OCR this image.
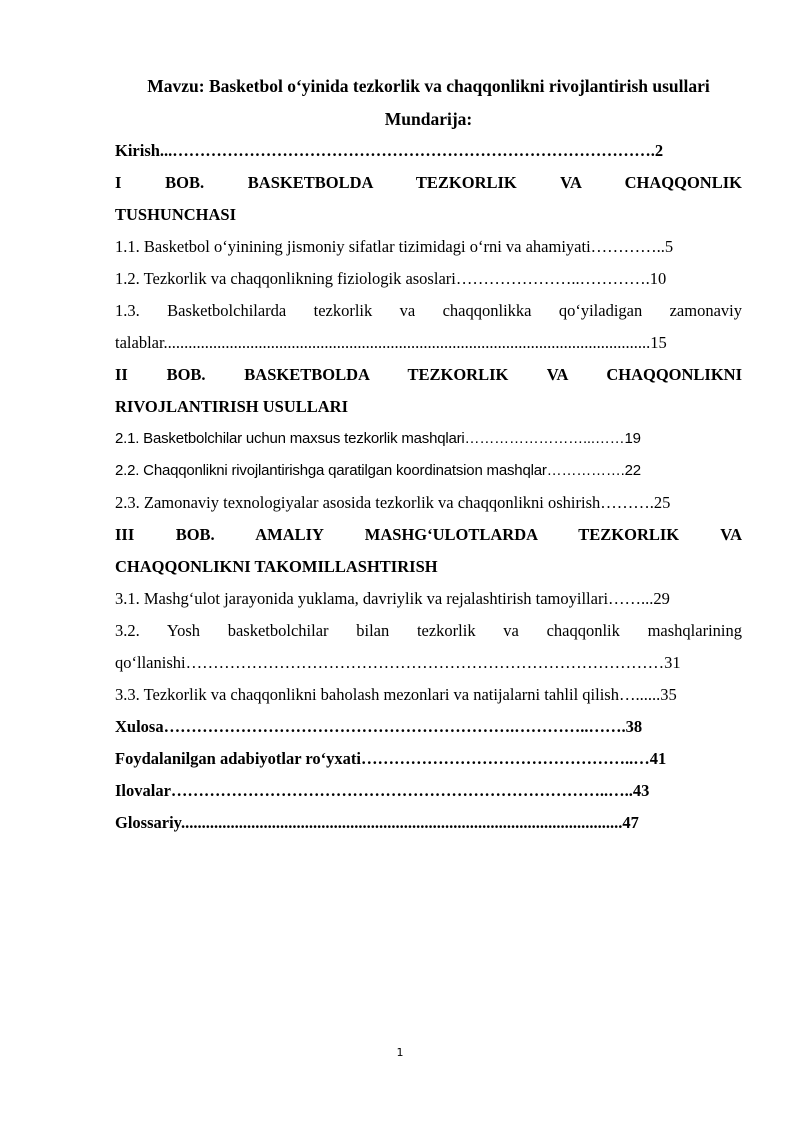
Mavzu: Basketbol o‘yinida tezkorlik va chaqqonlikni rivojlantirish usullari
Mundarija:
Kirish...…………………………………………………………………………….2
I BOB. BASKETBOLDA TEZKORLIK VA CHAQQONLIK
TUSHUNCHASI
1.1. Basketbol o‘yinining jismoniy sifatlar tizimidagi o‘rni va ahamiyati…………..5
1.2. Tezkorlik va chaqqonlikning fiziologik asoslari…………………..………….10
1.3. Basketbolchilarda tezkorlik va chaqqonlikka qo‘yiladigan zamonaviy
talablar......................................................................................................................15
II BOB. BASKETBOLDA TEZKORLIK VA CHAQQONLIKNI
RIVOJLANTIRISH USULLARI
2.1. Basketbolchilar uchun maxsus tezkorlik mashqlari……………………...……19
2.2. Chaqqonlikni rivojlantirishga qaratilgan koordinatsion mashqlar…………….22
2.3. Zamonaviy texnologiyalar asosida tezkorlik va chaqqonlikni oshirish……….25
III BOB. AMALIY MASHG‘ULOTLARDA TEZKORLIK VA
CHAQQONLIKNI TAKOMILLASHTIRISH
3.1. Mashg‘ulot jarayonida yuklama, davriylik va rejalashtirish tamoyillari……...29
3.2. Yosh basketbolchilar bilan tezkorlik va chaqqonlik mashqlarining
qo‘llanishi……………………………………………………………………………31
3.3. Tezkorlik va chaqqonlikni baholash mezonlari va natijalarni tahlil qilish…......35
Xulosa……………………………………………………….…………..…….38
Foydalanilgan adabiyotlar ro‘yxati…………………………………………..…41
Ilovalar……………………………………………………………………..…..43
Glossariy...........................................................................................................47
1
